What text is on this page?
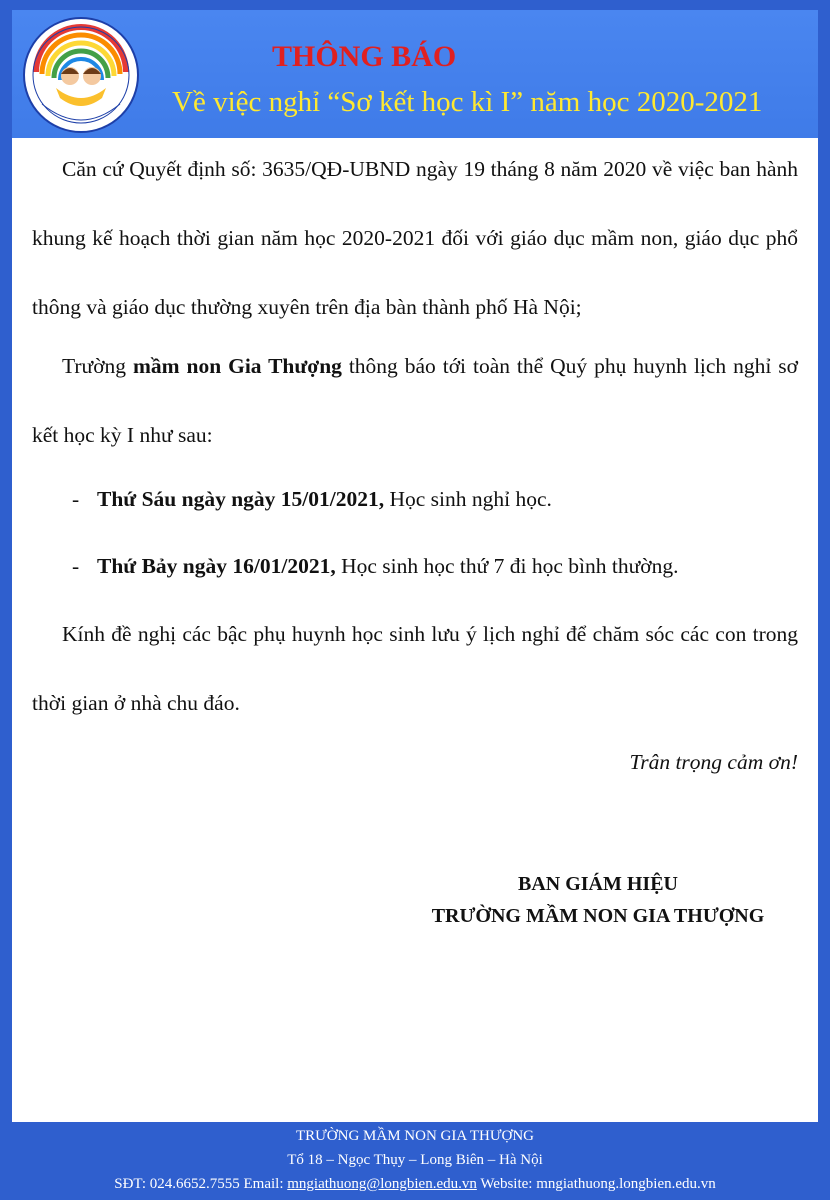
THÔNG BÁO
Về việc nghỉ “Sơ kết học kì I” năm học 2020-2021

Căn cứ Quyết định số: 3635/QĐ-UBND ngày 19 tháng 8 năm 2020 về việc ban hành khung kế hoạch thời gian năm học 2020-2021 đối với giáo dục mầm non, giáo dục phổ thông và giáo dục thường xuyên trên địa bàn thành phố Hà Nội;

Trường mầm non Gia Thượng thông báo tới toàn thể Quý phụ huynh lịch nghỉ sơ kết học kỳ I như sau:

- Thứ Sáu ngày ngày 15/01/2021, Học sinh nghỉ học.

- Thứ Bảy ngày 16/01/2021, Học sinh học thứ 7 đi học bình thường.

Kính đề nghị các bậc phụ huynh học sinh lưu ý lịch nghỉ để chăm sóc các con trong thời gian ở nhà chu đáo.

Trân trọng cảm ơn!
BAN GIÁM HIỆU
TRƯỜNG MẦM NON GIA THƯỢNG
TRƯỜNG MẦM NON GIA THƯỢNG
Tổ 18 – Ngọc Thụy – Long Biên – Hà Nội
SĐT: 024.6652.7555 Email: mngiathuong@longbien.edu.vn Website: mngiathuong.longbien.edu.vn
